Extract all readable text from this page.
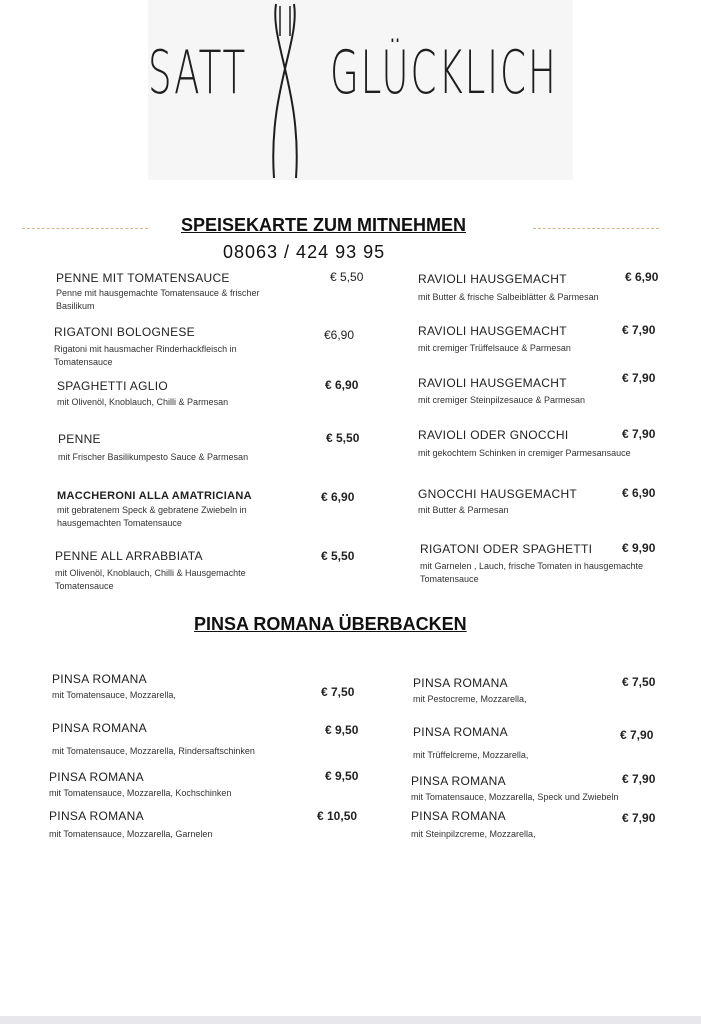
SATT GLÜCKLICH
SPEISEKARTE ZUM MITNEHMEN
08063 / 424 93 95
PENNE MIT TOMATENSAUCE	€ 5,50
Penne mit hausgemachte Tomatensauce & frischer Basilikum
RIGATONI BOLOGNESE	€6,90
Rigatoni mit hausmacher Rinderhackfleisch in Tomatensauce
SPAGHETTI AGLIO	€ 6,90
mit Olivenöl, Knoblauch, Chilli & Parmesan
PENNE	€ 5,50
mit Frischer Basilikumpesto Sauce & Parmesan
MACCHERONI ALLA AMATRICIANA	€ 6,90
mit gebratenem Speck & gebratene Zwiebeln in hausgemachten Tomatensauce
PENNE ALL ARRABBIATA	€ 5,50
mit Olivenöl, Knoblauch, Chilli & Hausgemachte Tomatensauce
RAVIOLI HAUSGEMACHT	€ 6,90
mit Butter & frische Salbeiblätter & Parmesan
RAVIOLI HAUSGEMACHT	€ 7,90
mit cremiger Trüffelsauce & Parmesan
RAVIOLI HAUSGEMACHT	€ 7,90
mit cremiger Steinpilzesauce & Parmesan
RAVIOLI ODER GNOCCHI	€ 7,90
mit gekochtem Schinken in cremiger Parmesansauce
GNOCCHI HAUSGEMACHT	€ 6,90
mit Butter & Parmesan
RIGATONI ODER SPAGHETTI € 9,90
mit Garnelen , Lauch, frische Tomaten in hausgemachte Tomatensauce
PINSA ROMANA ÜBERBACKEN
PINSA ROMANA
€ 7,50
mit Tomatensauce, Mozzarella,
PINSA ROMANA	€ 9,50
mit Tomatensauce, Mozzarella, Rindersaftschinken
PINSA ROMANA	€ 9,50
mit Tomatensauce, Mozzarella, Kochschinken
PINSA ROMANA	€ 10,50
mit Tomatensauce, Mozzarella, Garnelen
PINSA ROMANA	€ 7,50
mit Pestocreme, Mozzarella,
PINSA ROMANA	€ 7,90
mit Trüffelcreme, Mozzarella,
PINSA ROMANA	€ 7,90
mit Tomatensauce, Mozzarella, Speck und Zwiebeln
PINSA ROMANA	€ 7,90
mit Steinpilzcreme, Mozzarella,
